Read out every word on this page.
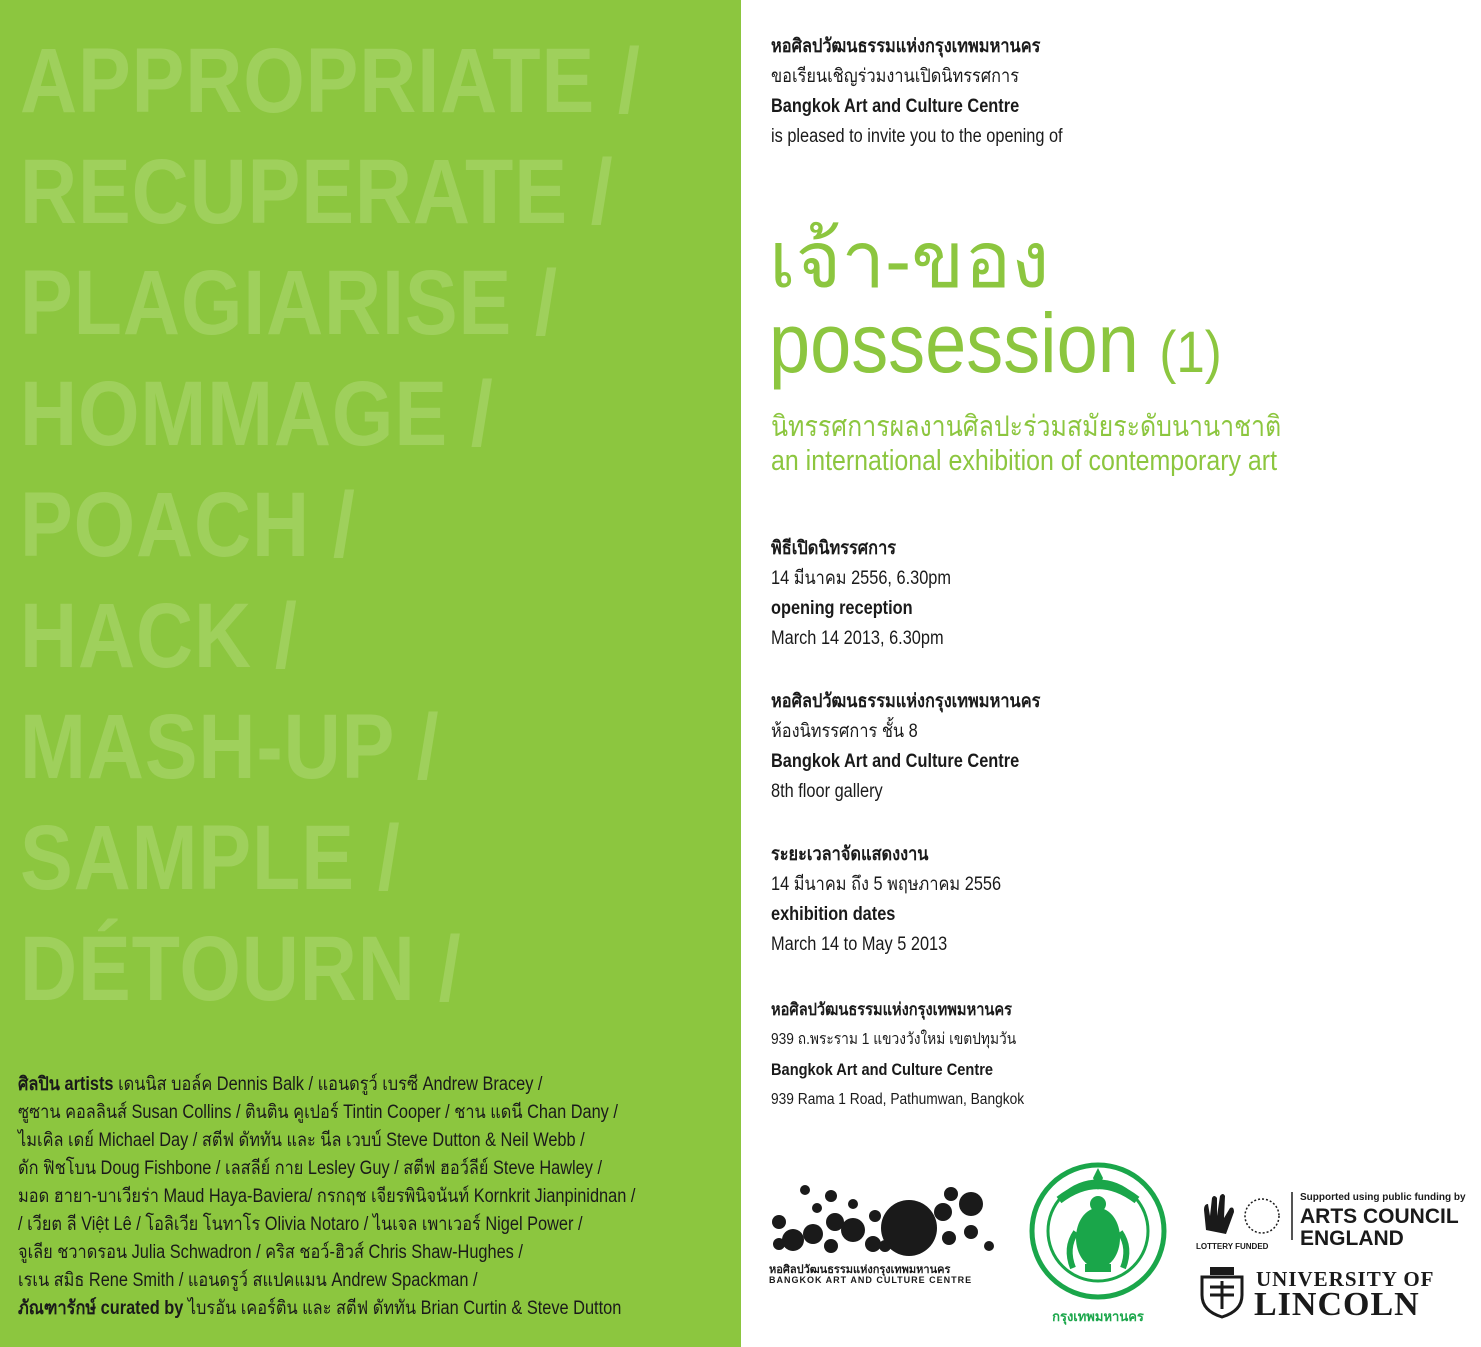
APPROPRIATE /
RECUPERATE /
PLAGIARISE /
HOMMAGE /
POACH /
HACK /
MASH-UP /
SAMPLE /
DÉTOURN /
ศิลปิน artists เดนนิส บอล์ค Dennis Balk / แอนดรูว์ เบรซี Andrew Bracey /
ซูซาน คอลลินส์ Susan Collins / ตินติน คูเปอร์ Tintin Cooper / ชาน แดนี Chan Dany /
ไมเคิล เดย์ Michael Day / สตีฟ ดัททัน และ นีล เวบบ์ Steve Dutton & Neil Webb /
ดัก ฟิชโบน Doug Fishbone / เลสลีย์ กาย Lesley Guy / สตีฟ ฮอว์ลีย์ Steve Hawley /
มอด ฮายา-บาเวียร่า Maud Haya-Baviera/ กรกฤช เจียรพินิจนันท์ Kornkrit Jianpinidnan /
/ เวียต ลี Việt Lê / โอลิเวีย โนทาโร Olivia Notaro / ไนเจล เพาเวอร์ Nigel Power /
จูเลีย ชวาดรอน Julia Schwadron / คริส ชอว์-ฮิวส์ Chris Shaw-Hughes /
เรเน สมิธ Rene Smith / แอนดรูว์ สแปคแมน Andrew Spackman /
ภัณฑารักษ์ curated by ไบรอัน เคอร์ติน และ สตีฟ ดัททัน Brian Curtin & Steve Dutton
หอศิลปวัฒนธรรมแห่งกรุงเทพมหานคร
ขอเรียนเชิญร่วมงานเปิดนิทรรศการ
Bangkok Art and Culture Centre
is pleased to invite you to the opening of
เจ้า-ของ
possession (1)
นิทรรศการผลงานศิลปะร่วมสมัยระดับนานาชาติ
an international exhibition of contemporary art
พิธีเปิดนิทรรศการ
14 มีนาคม 2556, 6.30pm
opening reception
March 14 2013, 6.30pm
หอศิลปวัฒนธรรมแห่งกรุงเทพมหานคร
ห้องนิทรรศการ ชั้น 8
Bangkok Art and Culture Centre
8th floor gallery
ระยะเวลาจัดแสดงงาน
14 มีนาคม ถึง 5 พฤษภาคม 2556
exhibition dates
March 14 to May 5 2013
หอศิลปวัฒนธรรมแห่งกรุงเทพมหานคร
939 ถ.พระราม 1 แขวงวังใหม่ เขตปทุมวัน
Bangkok Art and Culture Centre
939 Rama 1 Road, Pathumwan, Bangkok
หอศิลปวัฒนธรรมแห่งกรุงเทพมหานคร
BANGKOK ART AND CULTURE CENTRE
กรุงเทพมหานคร
LOTTERY FUNDED
Supported using public funding by
ARTS COUNCIL
ENGLAND
UNIVERSITY OF
LINCOLN
